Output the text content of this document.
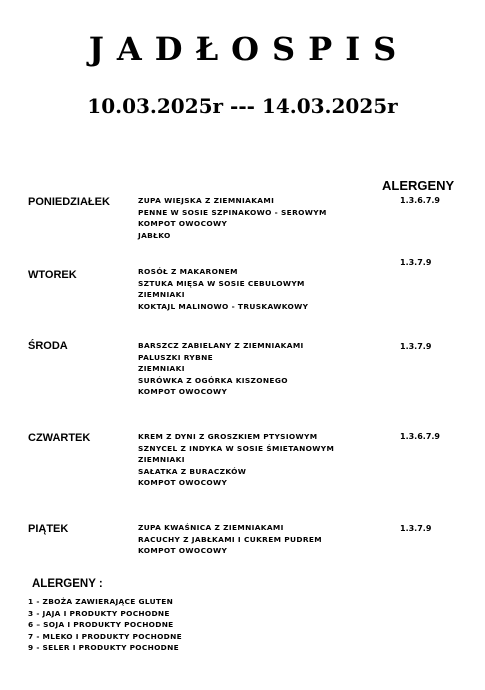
JADŁOSPIS
10.03.2025r --- 14.03.2025r
ALERGENY
PONIEDZIAŁEK	ZUPA WIEJSKA Z ZIEMNIAKAMI
PENNE W SOSIE SZPINAKOWO - SEROWYM
KOMPOT OWOCOWY
JABŁKO
1.3.6.7.9
WTOREK	ROSÓŁ Z MAKARONEM
SZTUKA MIĘSA W SOSIE CEBULOWYM
ZIEMNIAKI
KOKTAJL MALINOWO - TRUSKAWKOWY
1.3.7.9
ŚRODA	BARSZCZ ZABIELANY Z ZIEMNIAKAMI
PALUSZKI RYBNE
ZIEMNIAKI
SURÓWKA Z OGÓRKA KISZONEGO
KOMPOT OWOCOWY
1.3.7.9
CZWARTEK	KREM Z DYNI Z GROSZKIEM PTYSIOWYM
SZNYCEL Z INDYKA W SOSIE ŚMIETANOWYM
ZIEMNIAKI
SAŁATKA Z BURACZKÓW
KOMPOT OWOCOWY
1.3.6.7.9
PIĄTEK	ZUPA KWAŚNICA Z ZIEMNIAKAMI
RACUCHY Z JABŁKAMI I CUKREM PUDREM
KOMPOT OWOCOWY
1.3.7.9
ALERGENY :
1 - ZBOŻA ZAWIERAJĄCE GLUTEN
3 - JAJA I PRODUKTY POCHODNE
6 – SOJA I PRODUKTY POCHODNE
7 - MLEKO I PRODUKTY POCHODNE
9 - SELER I PRODUKTY POCHODNE
